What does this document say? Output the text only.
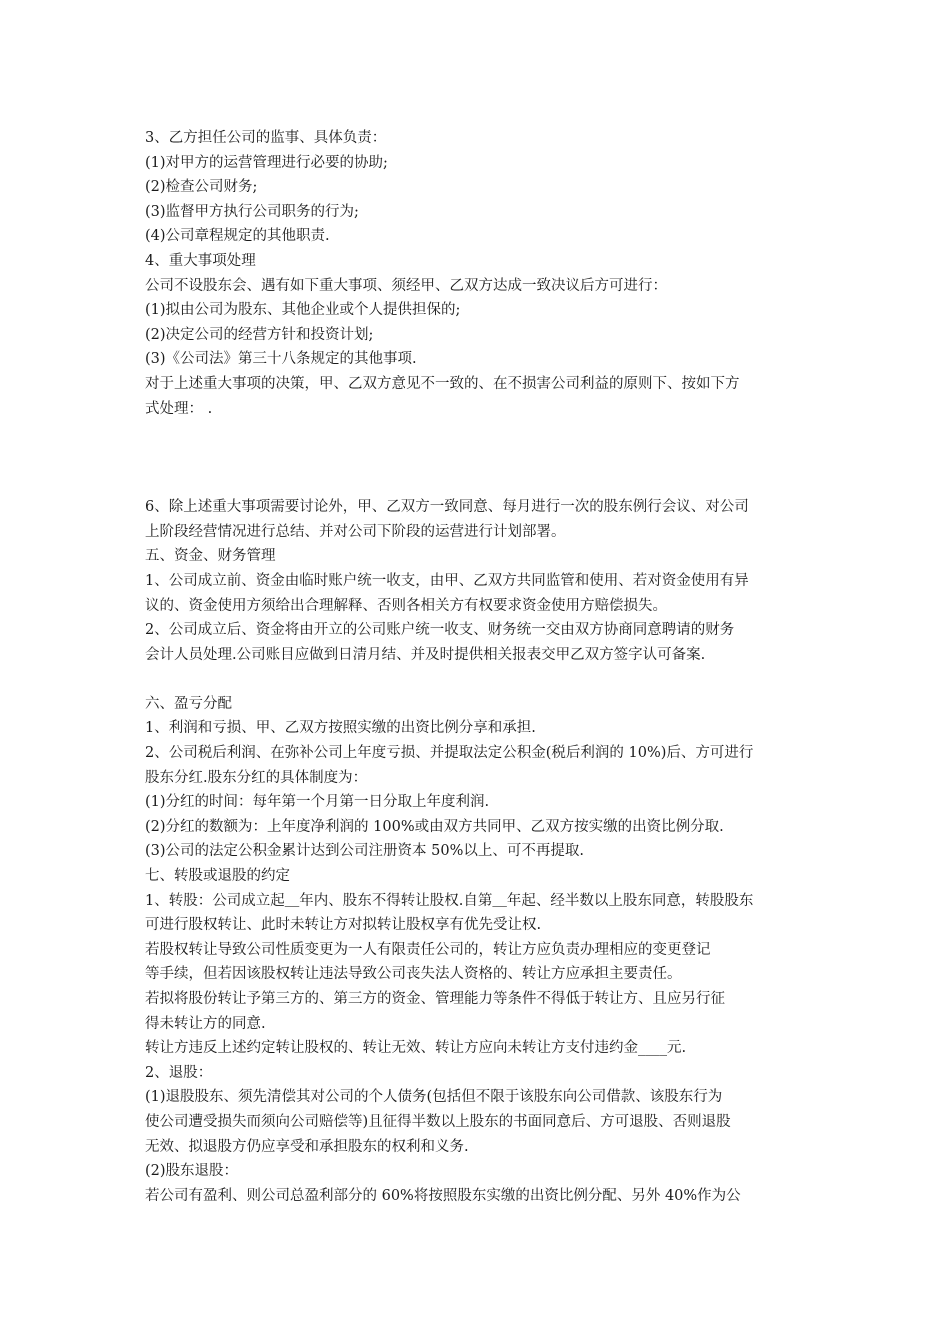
3、乙方担任公司的监事、具体负责：
(1)对甲方的运营管理进行必要的协助;
(2)检查公司财务;
(3)监督甲方执行公司职务的行为;
(4)公司章程规定的其他职责.
4、重大事项处理
公司不设股东会、遇有如下重大事项、须经甲、乙双方达成一致决议后方可进行：
(1)拟由公司为股东、其他企业或个人提供担保的;
(2)决定公司的经营方针和投资计划;
(3)《公司法》第三十八条规定的其他事项.
对于上述重大事项的决策，甲、乙双方意见不一致的、在不损害公司利益的原则下、按如下方
式处理： .
6、除上述重大事项需要讨论外，甲、乙双方一致同意、每月进行一次的股东例行会议、对公司
上阶段经营情况进行总结、并对公司下阶段的运营进行计划部署。
五、资金、财务管理
1、公司成立前、资金由临时账户统一收支，由甲、乙双方共同监管和使用、若对资金使用有异
议的、资金使用方须给出合理解释、否则各相关方有权要求资金使用方赔偿损失。
2、公司成立后、资金将由开立的公司账户统一收支、财务统一交由双方协商同意聘请的财务
会计人员处理.公司账目应做到日清月结、并及时提供相关报表交甲乙双方签字认可备案.
六、盈亏分配
1、利润和亏损、甲、乙双方按照实缴的出资比例分享和承担.
2、公司税后利润、在弥补公司上年度亏损、并提取法定公积金(税后利润的 10%)后、方可进行
股东分红.股东分红的具体制度为：
(1)分红的时间：每年第一个月第一日分取上年度利润.
(2)分红的数额为：上年度净利润的 100%或由双方共同甲、乙双方按实缴的出资比例分取.
(3)公司的法定公积金累计达到公司注册资本 50%以上、可不再提取.
七、转股或退股的约定
1、转股：公司成立起＿年内、股东不得转让股权.自第＿年起、经半数以上股东同意，转股股东
可进行股权转让、此时未转让方对拟转让股权享有优先受让权.
若股权转让导致公司性质变更为一人有限责任公司的，转让方应负责办理相应的变更登记
等手续，但若因该股权转让违法导致公司丧失法人资格的、转让方应承担主要责任。
若拟将股份转让予第三方的、第三方的资金、管理能力等条件不得低于转让方、且应另行征
得未转让方的同意.
转让方违反上述约定转让股权的、转让无效、转让方应向未转让方支付违约金____元.
2、退股：
(1)退股股东、须先清偿其对公司的个人债务(包括但不限于该股东向公司借款、该股东行为
使公司遭受损失而须向公司赔偿等)且征得半数以上股东的书面同意后、方可退股、否则退股
无效、拟退股方仍应享受和承担股东的权利和义务.
(2)股东退股：
若公司有盈利、则公司总盈利部分的 60%将按照股东实缴的出资比例分配、另外 40%作为公
